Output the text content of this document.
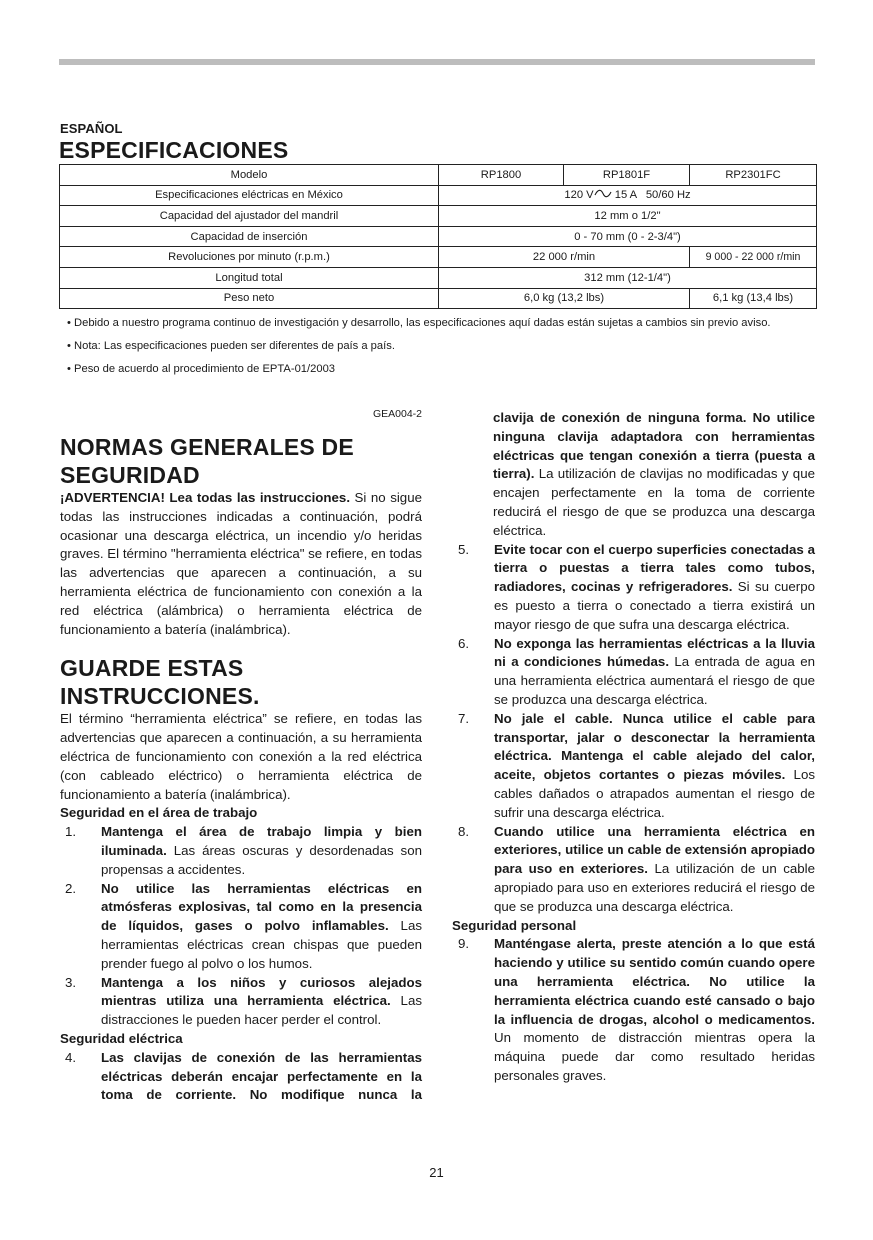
ESPAÑOL
ESPECIFICACIONES
Modelo	RP1800	RP1801F	RP2301FC
Especificaciones eléctricas en México	120 V 15 A   50/60 Hz		
Capacidad del ajustador del mandril	12 mm o 1/2"		
Capacidad de inserción	0 - 70 mm (0 - 2-3/4")		
Revoluciones por minuto (r.p.m.)	22 000 r/min		9 000 - 22 000 r/min
Longitud total	312 mm (12-1/4")		
Peso neto	6,0 kg (13,2 lbs)		6,1 kg (13,4 lbs)

• Debido a nuestro programa continuo de investigación y desarrollo, las especificaciones aquí dadas están sujetas a cambios sin previo aviso.

• Nota: Las especificaciones pueden ser diferentes de país a país.

• Peso de acuerdo al procedimiento de EPTA-01/2003

GEA004-2
NORMAS GENERALES DE SEGURIDAD

¡ADVERTENCIA! Lea todas las instrucciones. Si no sigue todas las instrucciones indicadas a continuación, podrá ocasionar una descarga eléctrica, un incendio y/o heridas graves. El término "herramienta eléctrica" se refiere, en todas las advertencias que aparecen a continuación, a su herramienta eléctrica de funcionamiento con conexión a la red eléctrica (alámbrica) o herramienta eléctrica de funcionamiento a batería (inalámbrica).

GUARDE ESTAS INSTRUCCIONES.

El término “herramienta eléctrica” se refiere, en todas las advertencias que aparecen a continuación, a su herramienta eléctrica de funcionamiento con conexión a la red eléctrica (con cableado eléctrico) o herramienta eléctrica de funcionamiento a batería (inalámbrica).

Seguridad en el área de trabajo

1. Mantenga el área de trabajo limpia y bien iluminada. Las áreas oscuras y desordenadas son propensas a accidentes.
2. No utilice las herramientas eléctricas en atmósferas explosivas, tal como en la presencia de líquidos, gases o polvo inflamables. Las herramientas eléctricas crean chispas que pueden prender fuego al polvo o los humos.
3. Mantenga a los niños y curiosos alejados mientras utiliza una herramienta eléctrica. Las distracciones le pueden hacer perder el control.

Seguridad eléctrica

4. Las clavijas de conexión de las herramientas eléctricas deberán encajar perfectamente en la toma de corriente. No modifique nunca la
clavija de conexión de ninguna forma. No utilice ninguna clavija adaptadora con herramientas eléctricas que tengan conexión a tierra (puesta a tierra). La utilización de clavijas no modificadas y que encajen perfectamente en la toma de corriente reducirá el riesgo de que se produzca una descarga eléctrica.
5. Evite tocar con el cuerpo superficies conectadas a tierra o puestas a tierra tales como tubos, radiadores, cocinas y refrigeradores. Si su cuerpo es puesto a tierra o conectado a tierra existirá un mayor riesgo de que sufra una descarga eléctrica.
6. No exponga las herramientas eléctricas a la lluvia ni a condiciones húmedas. La entrada de agua en una herramienta eléctrica aumentará el riesgo de que se produzca una descarga eléctrica.
7. No jale el cable. Nunca utilice el cable para transportar, jalar o desconectar la herramienta eléctrica. Mantenga el cable alejado del calor, aceite, objetos cortantes o piezas móviles. Los cables dañados o atrapados aumentan el riesgo de sufrir una descarga eléctrica.
8. Cuando utilice una herramienta eléctrica en exteriores, utilice un cable de extensión apropiado para uso en exteriores. La utilización de un cable apropiado para uso en exteriores reducirá el riesgo de que se produzca una descarga eléctrica.

Seguridad personal

9. Manténgase alerta, preste atención a lo que está haciendo y utilice su sentido común cuando opere una herramienta eléctrica. No utilice la herramienta eléctrica cuando esté cansado o bajo la influencia de drogas, alcohol o medicamentos. Un momento de distracción mientras opera la máquina puede dar como resultado heridas personales graves.
21
